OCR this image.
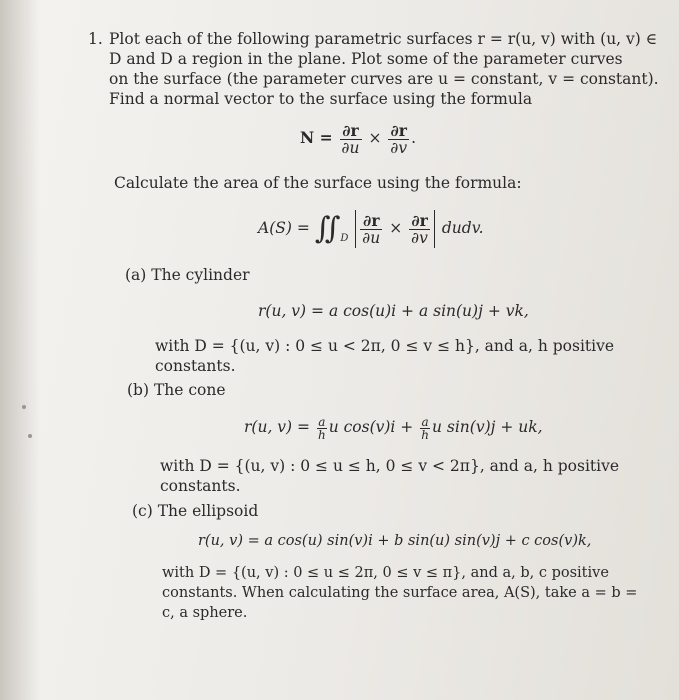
1. Plot each of the following parametric surfaces r = r(u, v) with (u, v) ∈
D and D a region in the plane. Plot some of the parameter curves
on the surface (the parameter curves are u = constant, v = constant).
Find a normal vector to the surface using the formula
$N = \frac{\partial r}{\partial u} \times \frac{\partial r}{\partial v}$ .
Calculate the area of the surface using the formula:
$A(S) = ∬_D \frac{\partial r}{\partial u} \times \frac{\partial r}{\partial v}$ dudv.
(a) The cylinder
r(u, v) = a cos(u)i + a sin(u)j + vk,
with D = {(u, v) : 0 ≤ u < 2π, 0 ≤ v ≤ h}, and a, h positive
constants.
(b) The cone
r(u, $v) = \frac{a}{h}$ u $\cos(v)i + \frac{a}{h}$ u sin(v)j + uk,
with D = {(u, v) : 0 ≤ u ≤ h, 0 ≤ v < 2π}, and a, h positive
constants.
(c) The ellipsoid
r(u, v) = a cos(u) sin(v)i + b sin(u) sin(v)j + c cos(v)k,
with D = {(u, v) : 0 ≤ u ≤ 2π, 0 ≤ v ≤ π}, and a, b, c positive
constants. When calculating the surface area, A(S), take a = b =
c, a sphere.
